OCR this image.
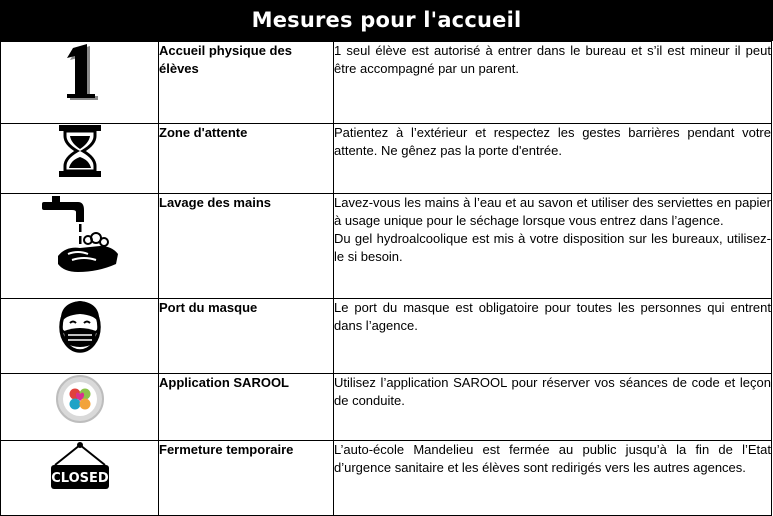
Mesures pour l'accueil
	Accueil physique des élèves	1 seul élève est autorisé à entrer dans le bureau et s’il est mineur il peut être accompagné par un parent.

	Zone d'attente	Patientez à l’extérieur et respectez les gestes barrières pendant votre attente. Ne gênez pas la porte d'entrée.

	Lavage des mains	Lavez-vous les mains à l’eau et au savon et utiliser des serviettes en papier à usage unique pour le séchage lorsque vous entrez dans l’agence.
Du gel hydroalcoolique est mis à votre disposition sur les bureaux, utilisez-le si besoin.

	Port du masque	Le port du masque est obligatoire pour toutes les personnes qui entrent dans l’agence.

	Application SAROOL	Utilisez l’application SAROOL pour réserver vos séances de code et leçon de conduite.

CLOSED	Fermeture temporaire	L’auto-école Mandelieu est fermée au public jusqu’à la fin de l’Etat d’urgence sanitaire et les élèves sont redirigés vers les autres agences.
